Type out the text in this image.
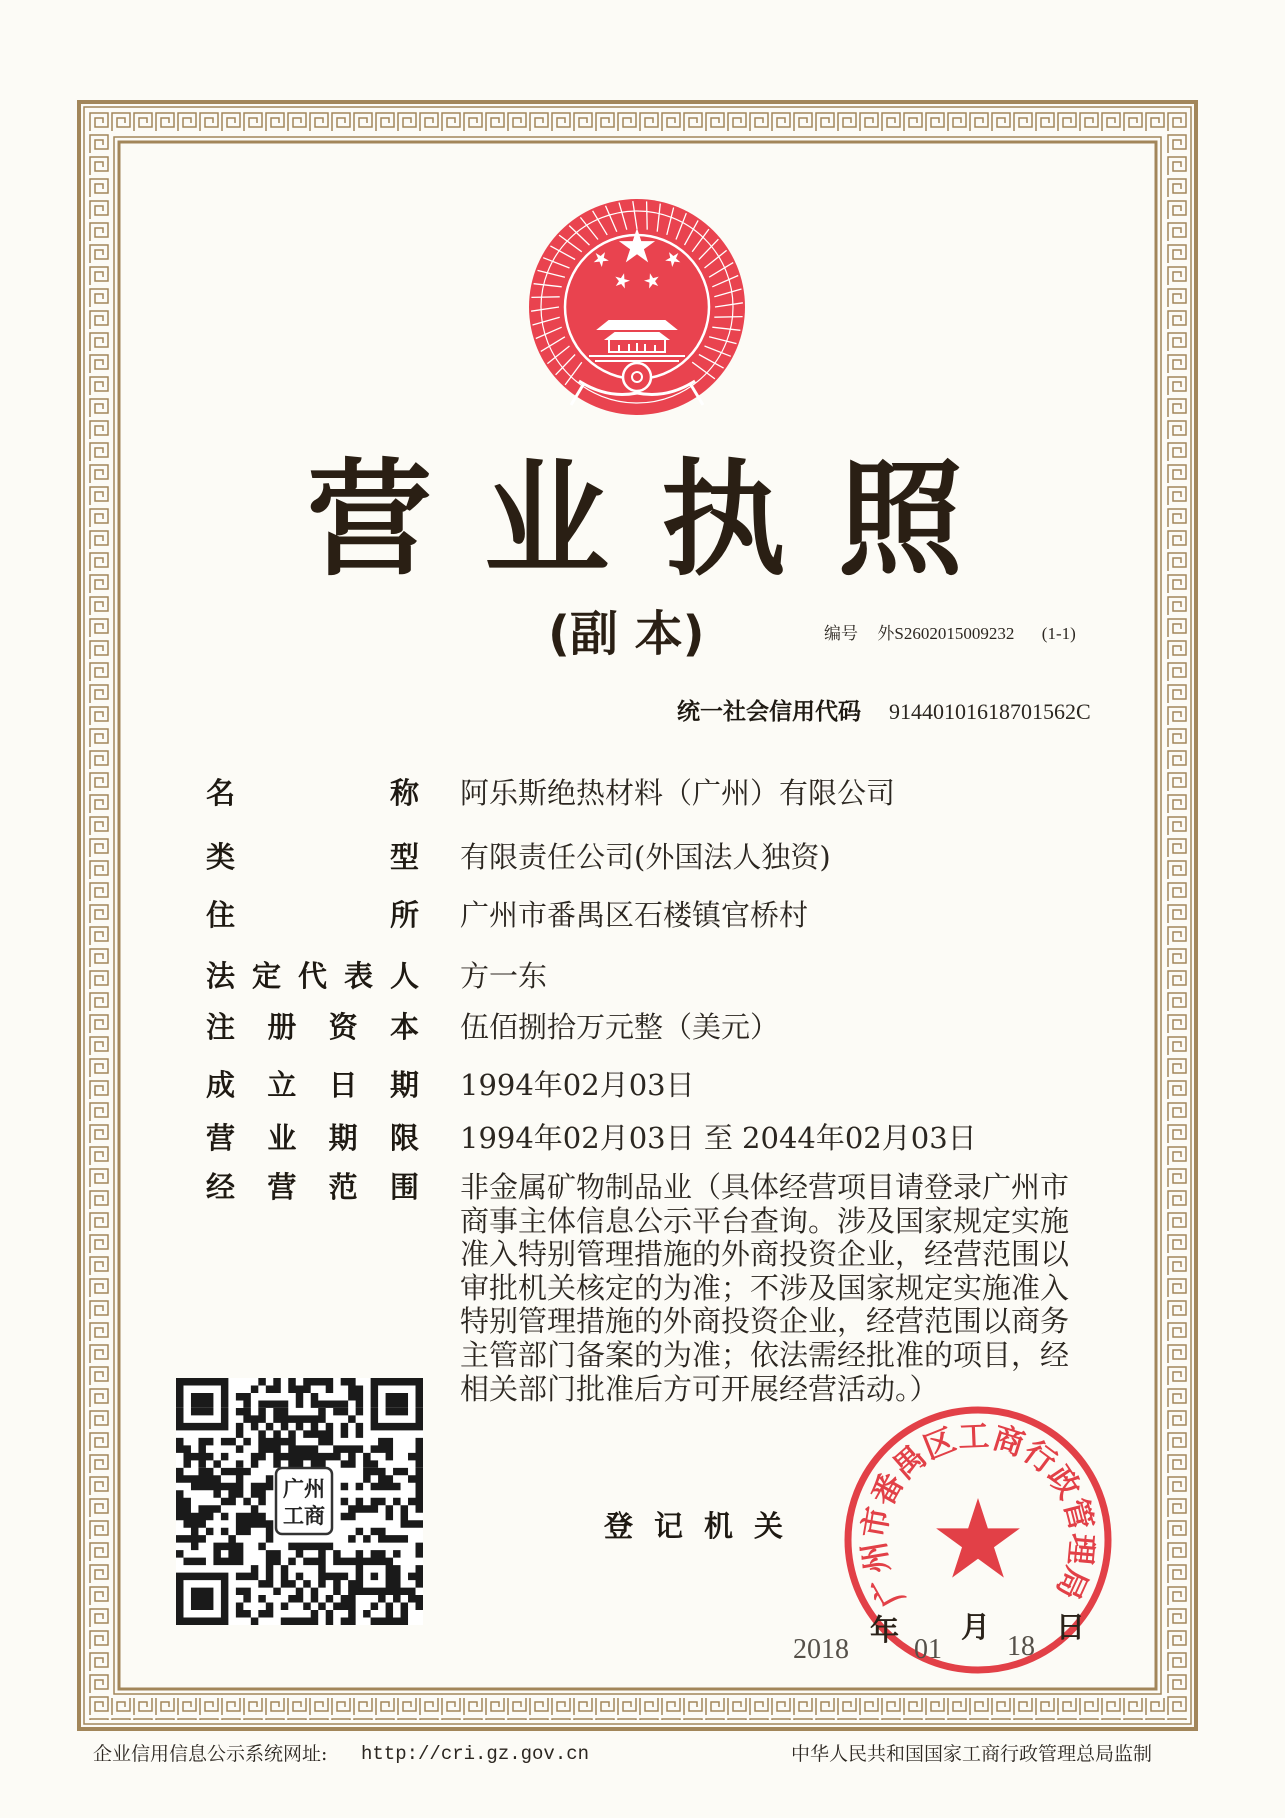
营业执照
(副 本)	编号 外S2602015009232 (1-1)
统一社会信用代码 91440101618701562C
名	称 阿乐斯绝热材料（广州）有限公司
类	型 有限责任公司(外国法人独资)
住	所 广州市番禺区石楼镇官桥村
法 定 代 表 人 方一东
注 册 资 本 伍佰捌拾万元整（美元）
成 立 日 期 1994年02月03日
营 业 期 限 1994年02月03日 至 2044年02月03日
经 营 范 围 非金属矿物制品业（具体经营项目请登录广州市
商事主体信息公示平台查询。涉及国家规定实施
准入特别管理措施的外商投资企业，经营范围以
审批机关核定的为准；不涉及国家规定实施准入
特别管理措施的外商投资企业，经营范围以商务
主管部门备案的为准；依法需经批准的项目，经
相关部门批准后方可开展经营活动。）
广州
工商	登记机关
广州市番禺区工商行政管理局
2018
年
01
月
18
日
企业信用信息公示系统网址: http://cri.gz.gov.cn	中华人民共和国国家工商行政管理总局监制
